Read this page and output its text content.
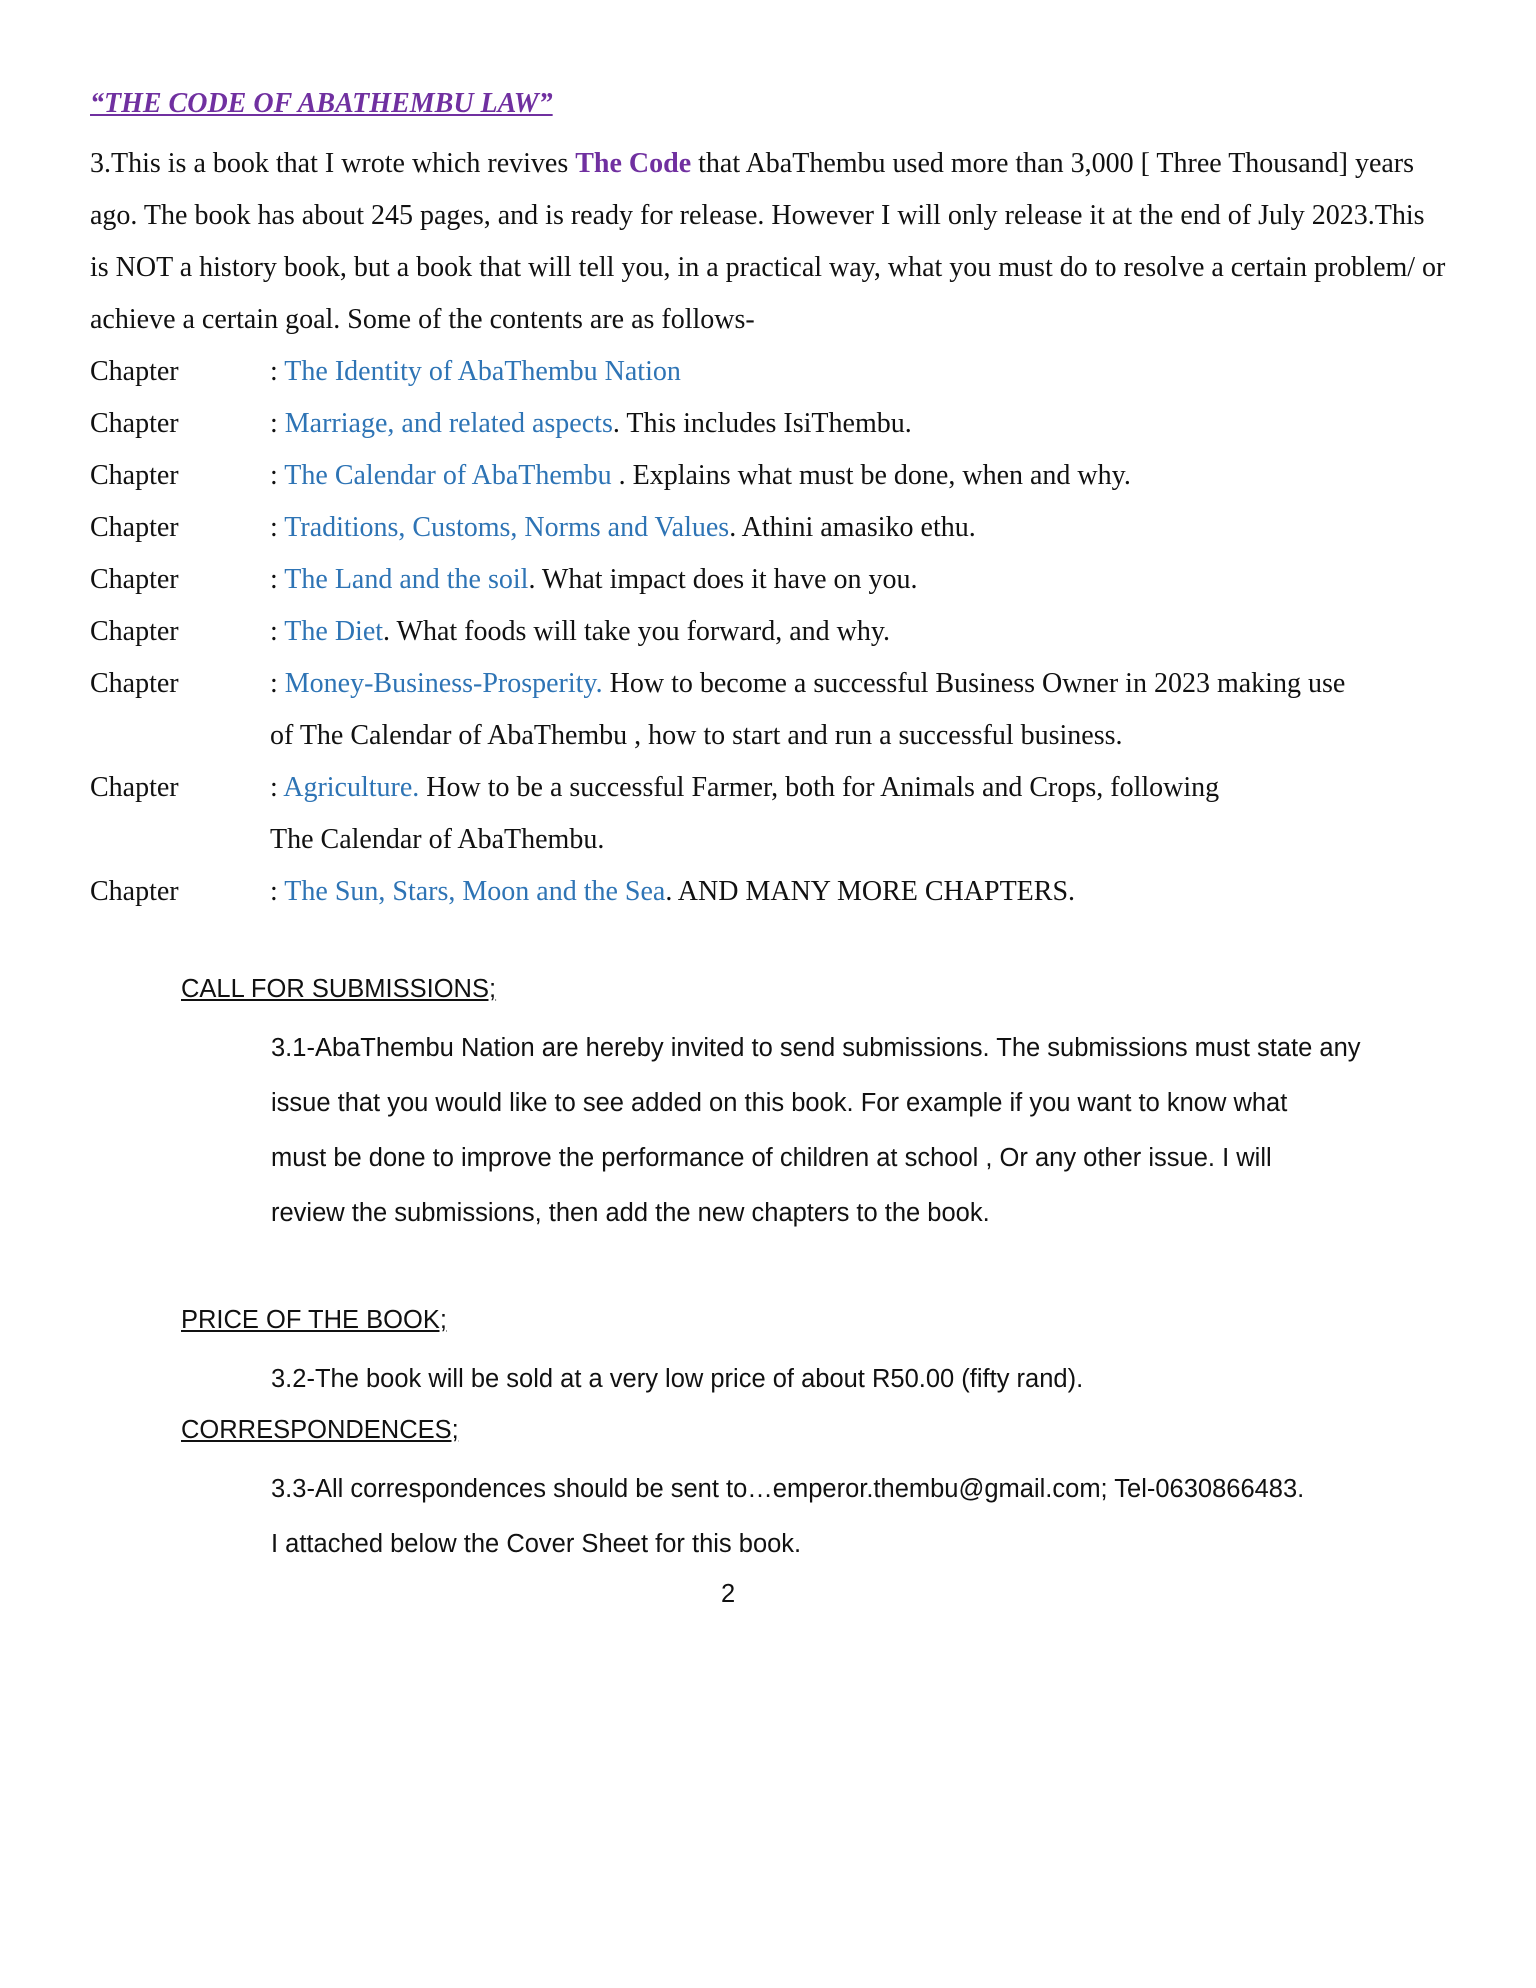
“THE CODE OF ABATHEMBU LAW”

3.This is a book that I wrote which revives The Code that AbaThembu used more than 3,000 [ Three Thousand] years ago. The book has about 245 pages, and is ready for release. However I will only release it at the end of July 2023.This is NOT a history book, but a book that will tell you, in a practical way, what you must do to resolve a certain problem/ or achieve a certain goal. Some of the contents are as follows-

Chapter	: The Identity of AbaThembu Nation
Chapter	: Marriage, and related aspects. This includes IsiThembu.
Chapter	: The Calendar of AbaThembu . Explains what must be done, when and why.
Chapter	: Traditions, Customs, Norms and Values. Athini amasiko ethu.
Chapter	: The Land and the soil. What impact does it have on you.
Chapter	: The Diet. What foods will take you forward, and why.
Chapter	: Money-Business-Prosperity. How to become a successful Business Owner in 2023 making use
of The Calendar of AbaThembu , how to start and run a successful business.
Chapter	: Agriculture. How to be a successful Farmer, both for Animals and Crops, following
The Calendar of AbaThembu.
Chapter	: The Sun, Stars, Moon and the Sea. AND MANY MORE CHAPTERS.
CALL FOR SUBMISSIONS;

3.1-AbaThembu Nation are hereby invited to send submissions. The submissions must state any
issue that you would like to see added on this book. For example if you want to know what
must be done to improve the performance of children at school , Or any other issue. I will
review the submissions, then add the new chapters to the book.

PRICE OF THE BOOK;

3.2-The book will be sold at a very low price of about R50.00 (fifty rand).

CORRESPONDENCES;

3.3-All correspondences should be sent to…emperor.thembu@gmail.com; Tel-0630866483.
I attached below the Cover Sheet for this book.

2
